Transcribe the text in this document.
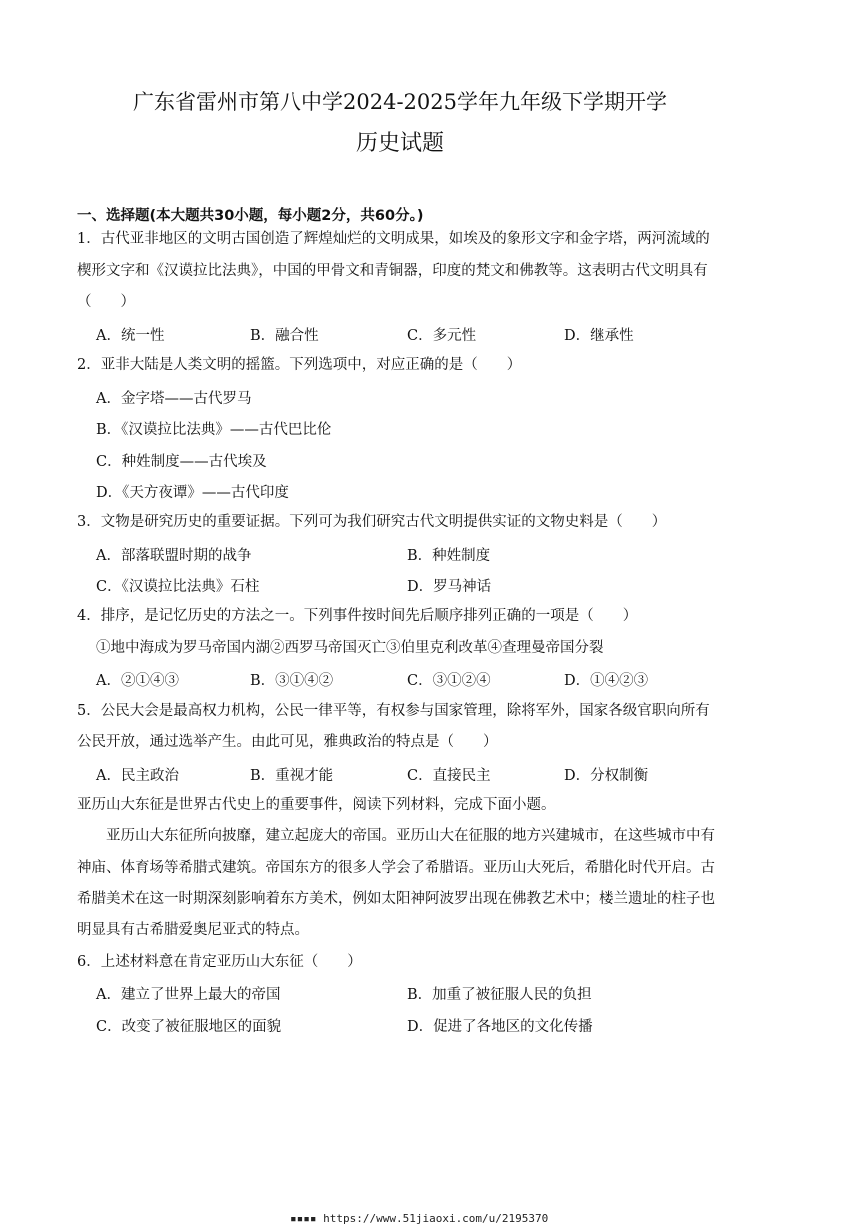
广东省雷州市第八中学2024-2025学年九年级下学期开学
历史试题
一、选择题(本大题共30小题，每小题2分，共60分。)
1．古代亚非地区的文明古国创造了辉煌灿烂的文明成果，如埃及的象形文字和金字塔，两河流域的
楔形文字和《汉谟拉比法典》，中国的甲骨文和青铜器，印度的梵文和佛教等。这表明古代文明具有
（　　）
A．统一性	B．融合性	C．多元性	D．继承性
2．亚非大陆是人类文明的摇篮。下列选项中，对应正确的是（　　）
A．金字塔——古代罗马
B．《汉谟拉比法典》——古代巴比伦
C．种姓制度——古代埃及
D．《天方夜谭》——古代印度
3．文物是研究历史的重要证据。下列可为我们研究古代文明提供实证的文物史料是（　　）
A．部落联盟时期的战争	B．种姓制度
C．《汉谟拉比法典》石柱	D．罗马神话
4．排序，是记忆历史的方法之一。下列事件按时间先后顺序排列正确的一项是（　　）
①地中海成为罗马帝国内湖②西罗马帝国灭亡③伯里克利改革④查理曼帝国分裂
A．②①④③	B．③①④②	C．③①②④	D．①④②③
5．公民大会是最高权力机构，公民一律平等，有权参与国家管理，除将军外，国家各级官职向所有
公民开放，通过选举产生。由此可见，雅典政治的特点是（　　）
A．民主政治	B．重视才能	C．直接民主	D．分权制衡
亚历山大东征是世界古代史上的重要事件，阅读下列材料，完成下面小题。
亚历山大东征所向披靡，建立起庞大的帝国。亚历山大在征服的地方兴建城市，在这些城市中有
神庙、体育场等希腊式建筑。帝国东方的很多人学会了希腊语。亚历山大死后，希腊化时代开启。古
希腊美术在这一时期深刻影响着东方美术，例如太阳神阿波罗出现在佛教艺术中；楼兰遗址的柱子也
明显具有古希腊爱奥尼亚式的特点。
6．上述材料意在肯定亚历山大东征（　　）
A．建立了世界上最大的帝国	B．加重了被征服人民的负担
C．改变了被征服地区的面貌	D．促进了各地区的文化传播
▪▪▪▪ https://www.51jiaoxi.com/u/2195370
